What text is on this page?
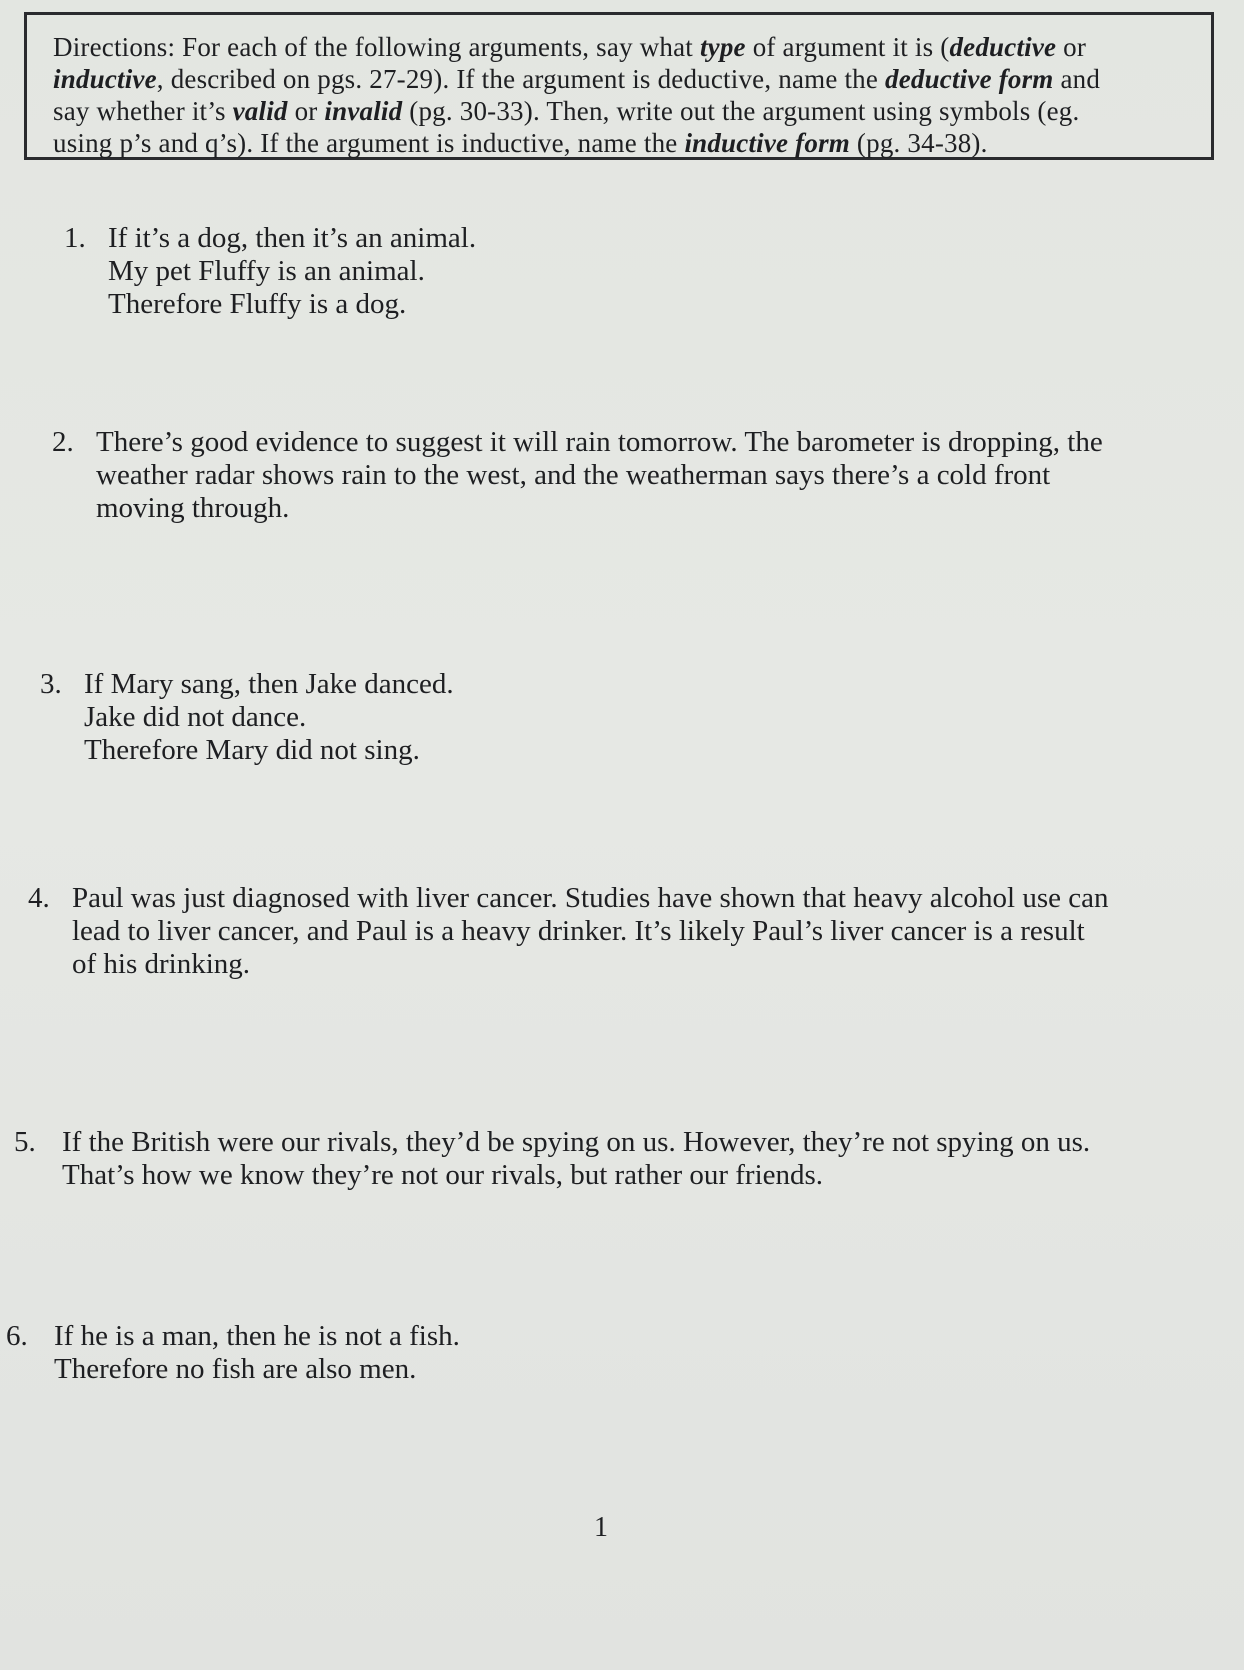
Directions: For each of the following arguments, say what type of argument it is (deductive or
inductive, described on pgs. 27-29). If the argument is deductive, name the deductive form and
say whether it’s valid or invalid (pg. 30-33). Then, write out the argument using symbols (eg.
using p’s and q’s). If the argument is inductive, name the inductive form (pg. 34-38).
1. If it’s a dog, then it’s an animal.
My pet Fluffy is an animal.
Therefore Fluffy is a dog.
2. There’s good evidence to suggest it will rain tomorrow. The barometer is dropping, the
weather radar shows rain to the west, and the weatherman says there’s a cold front
moving through.
3. If Mary sang, then Jake danced.
Jake did not dance.
Therefore Mary did not sing.
4. Paul was just diagnosed with liver cancer. Studies have shown that heavy alcohol use can
lead to liver cancer, and Paul is a heavy drinker. It’s likely Paul’s liver cancer is a result
of his drinking.
5. If the British were our rivals, they’d be spying on us. However, they’re not spying on us.
That’s how we know they’re not our rivals, but rather our friends.
6. If he is a man, then he is not a fish.
Therefore no fish are also men.
1
